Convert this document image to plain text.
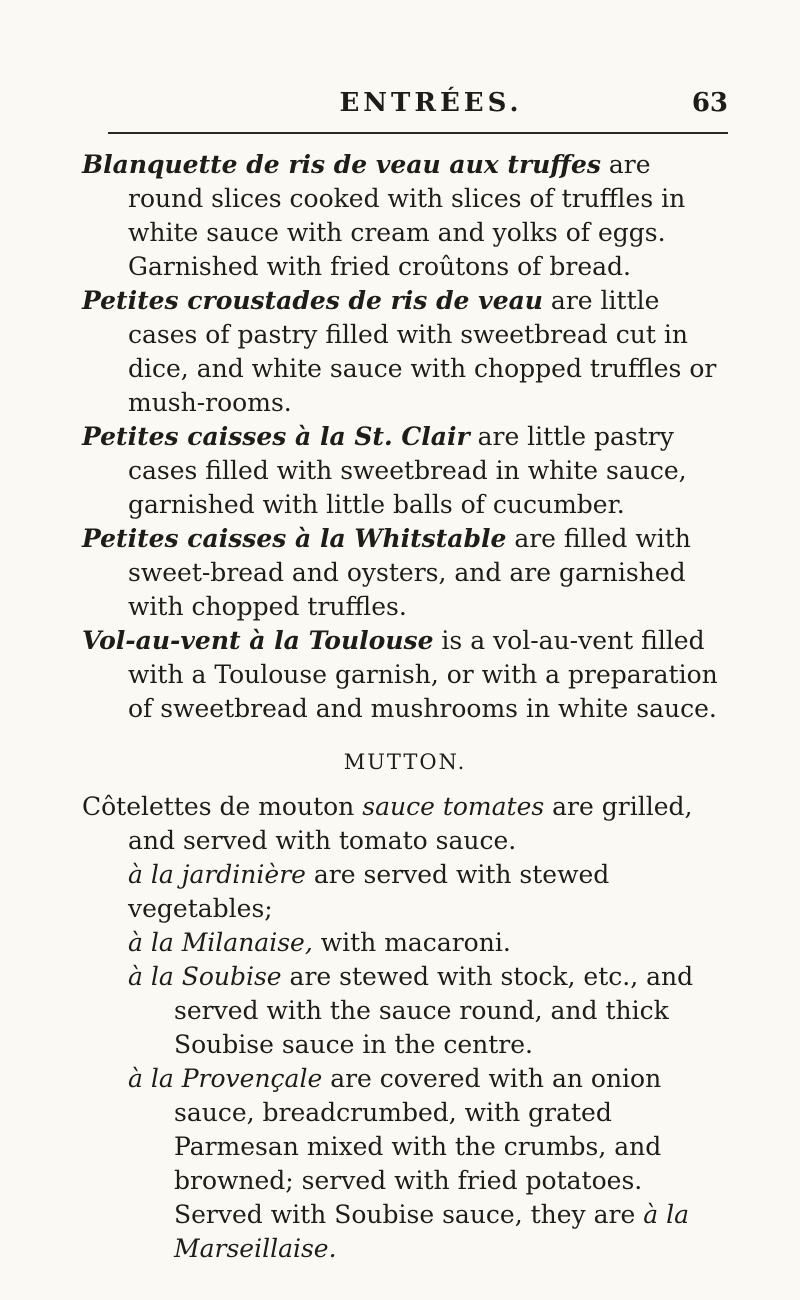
ENTRÉES.	63

Blanquette de ris de veau aux truffes are round slices cooked with slices of truffles in white sauce with cream and yolks of eggs. Garnished with fried croûtons of bread.

Petites croustades de ris de veau are little cases of pastry filled with sweetbread cut in dice, and white sauce with chopped truffles or mush-rooms.

Petites caisses à la St. Clair are little pastry cases filled with sweetbread in white sauce, garnished with little balls of cucumber.

Petites caisses à la Whitstable are filled with sweet-bread and oysters, and are garnished with chopped truffles.

Vol-au-vent à la Toulouse is a vol-au-vent filled with a Toulouse garnish, or with a preparation of sweetbread and mushrooms in white sauce.

MUTTON.

Côtelettes de mouton sauce tomates are grilled, and served with tomato sauce.

à la jardinière are served with stewed vegetables;

à la Milanaise, with macaroni.

à la Soubise are stewed with stock, etc., and served with the sauce round, and thick Soubise sauce in the centre.

à la Provençale are covered with an onion sauce, breadcrumbed, with grated Parmesan mixed with the crumbs, and browned; served with fried potatoes. Served with Soubise sauce, they are à la Marseillaise.
